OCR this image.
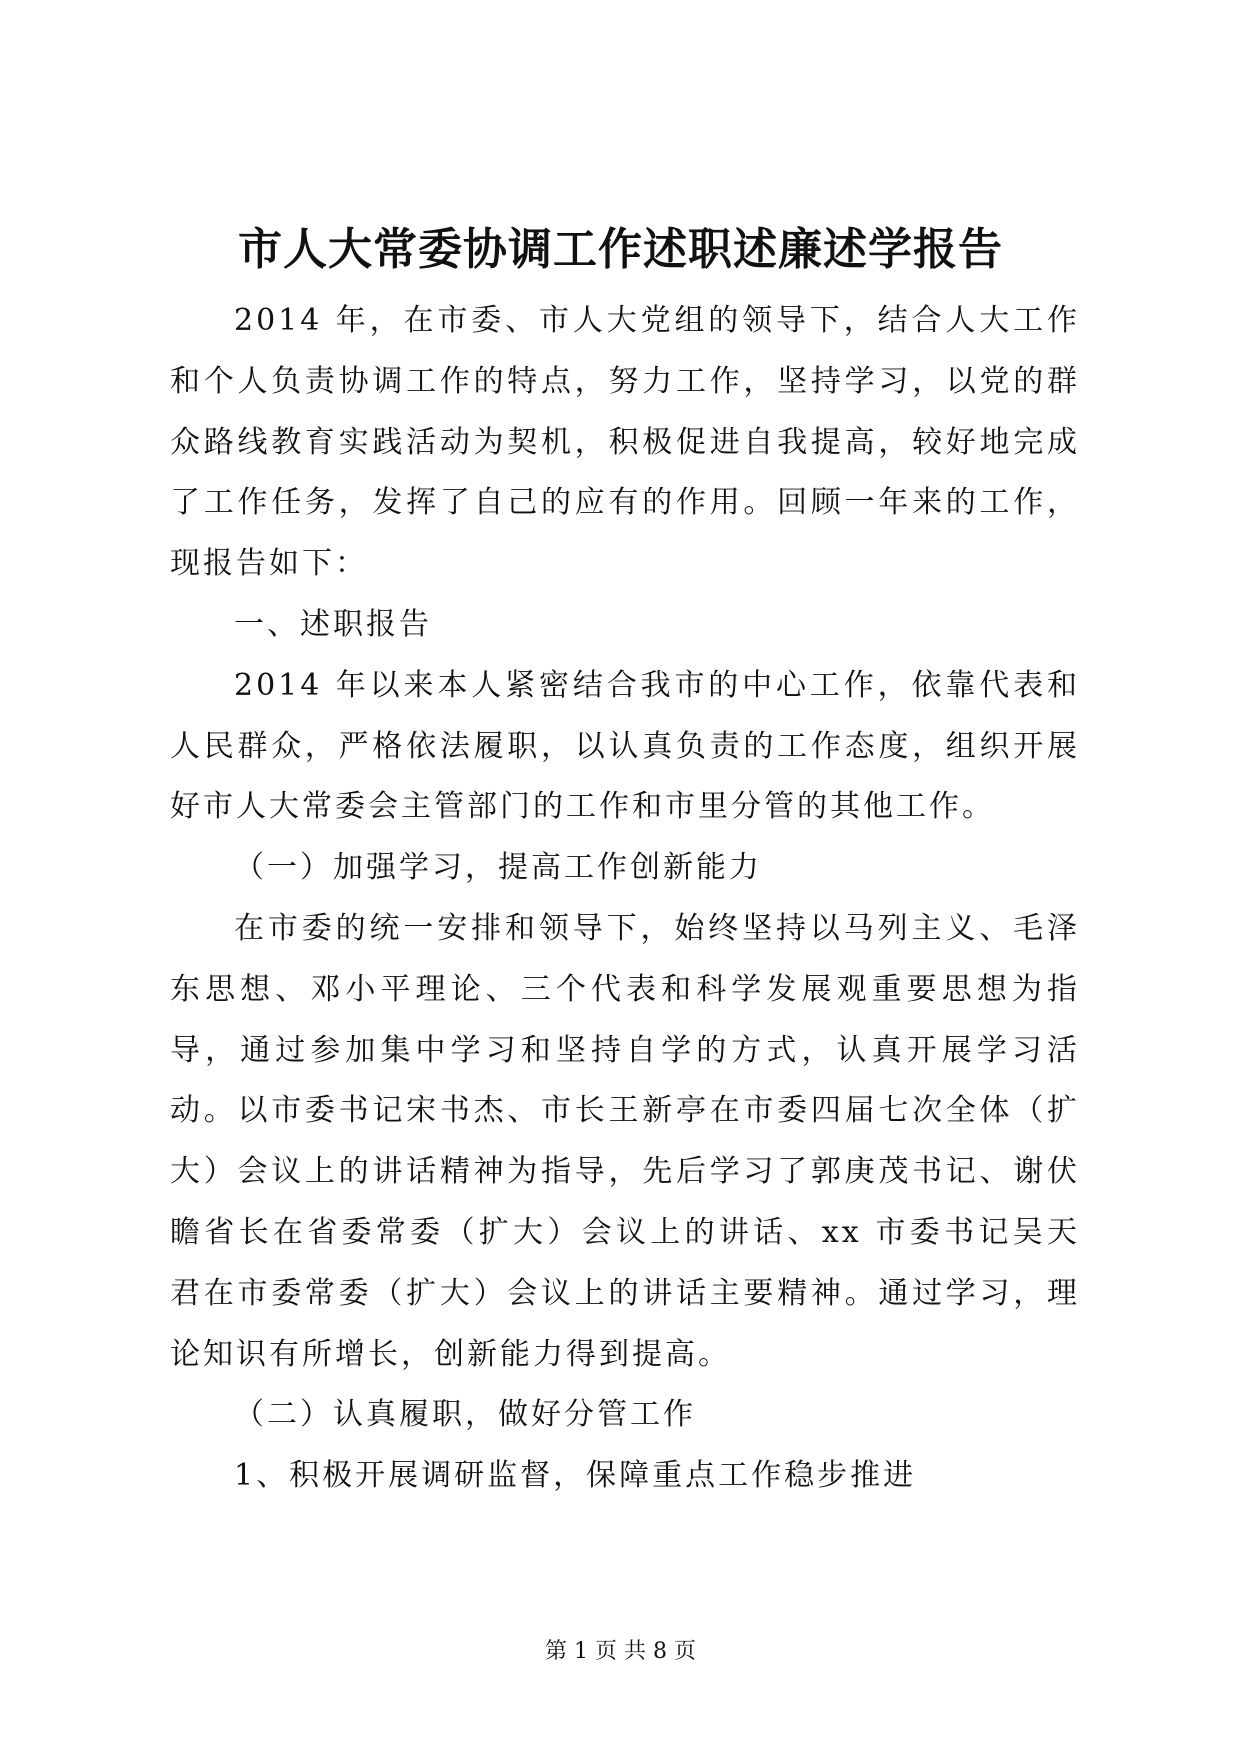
市人大常委协调工作述职述廉述学报告

2014 年，在市委、市人大党组的领导下，结合人大工作和个人负责协调工作的特点，努力工作，坚持学习，以党的群众路线教育实践活动为契机，积极促进自我提高，较好地完成了工作任务，发挥了自己的应有的作用。回顾一年来的工作，现报告如下：

一、述职报告

2014 年以来本人紧密结合我市的中心工作，依靠代表和人民群众，严格依法履职，以认真负责的工作态度，组织开展好市人大常委会主管部门的工作和市里分管的其他工作。

（一）加强学习，提高工作创新能力

在市委的统一安排和领导下，始终坚持以马列主义、毛泽东思想、邓小平理论、三个代表和科学发展观重要思想为指导，通过参加集中学习和坚持自学的方式，认真开展学习活动。以市委书记宋书杰、市长王新亭在市委四届七次全体（扩大）会议上的讲话精神为指导，先后学习了郭庚茂书记、谢伏瞻省长在省委常委（扩大）会议上的讲话、xx 市委书记吴天君在市委常委（扩大）会议上的讲话主要精神。通过学习，理论知识有所增长，创新能力得到提高。

（二）认真履职，做好分管工作

1、积极开展调研监督，保障重点工作稳步推进

第 1 页 共 8 页
